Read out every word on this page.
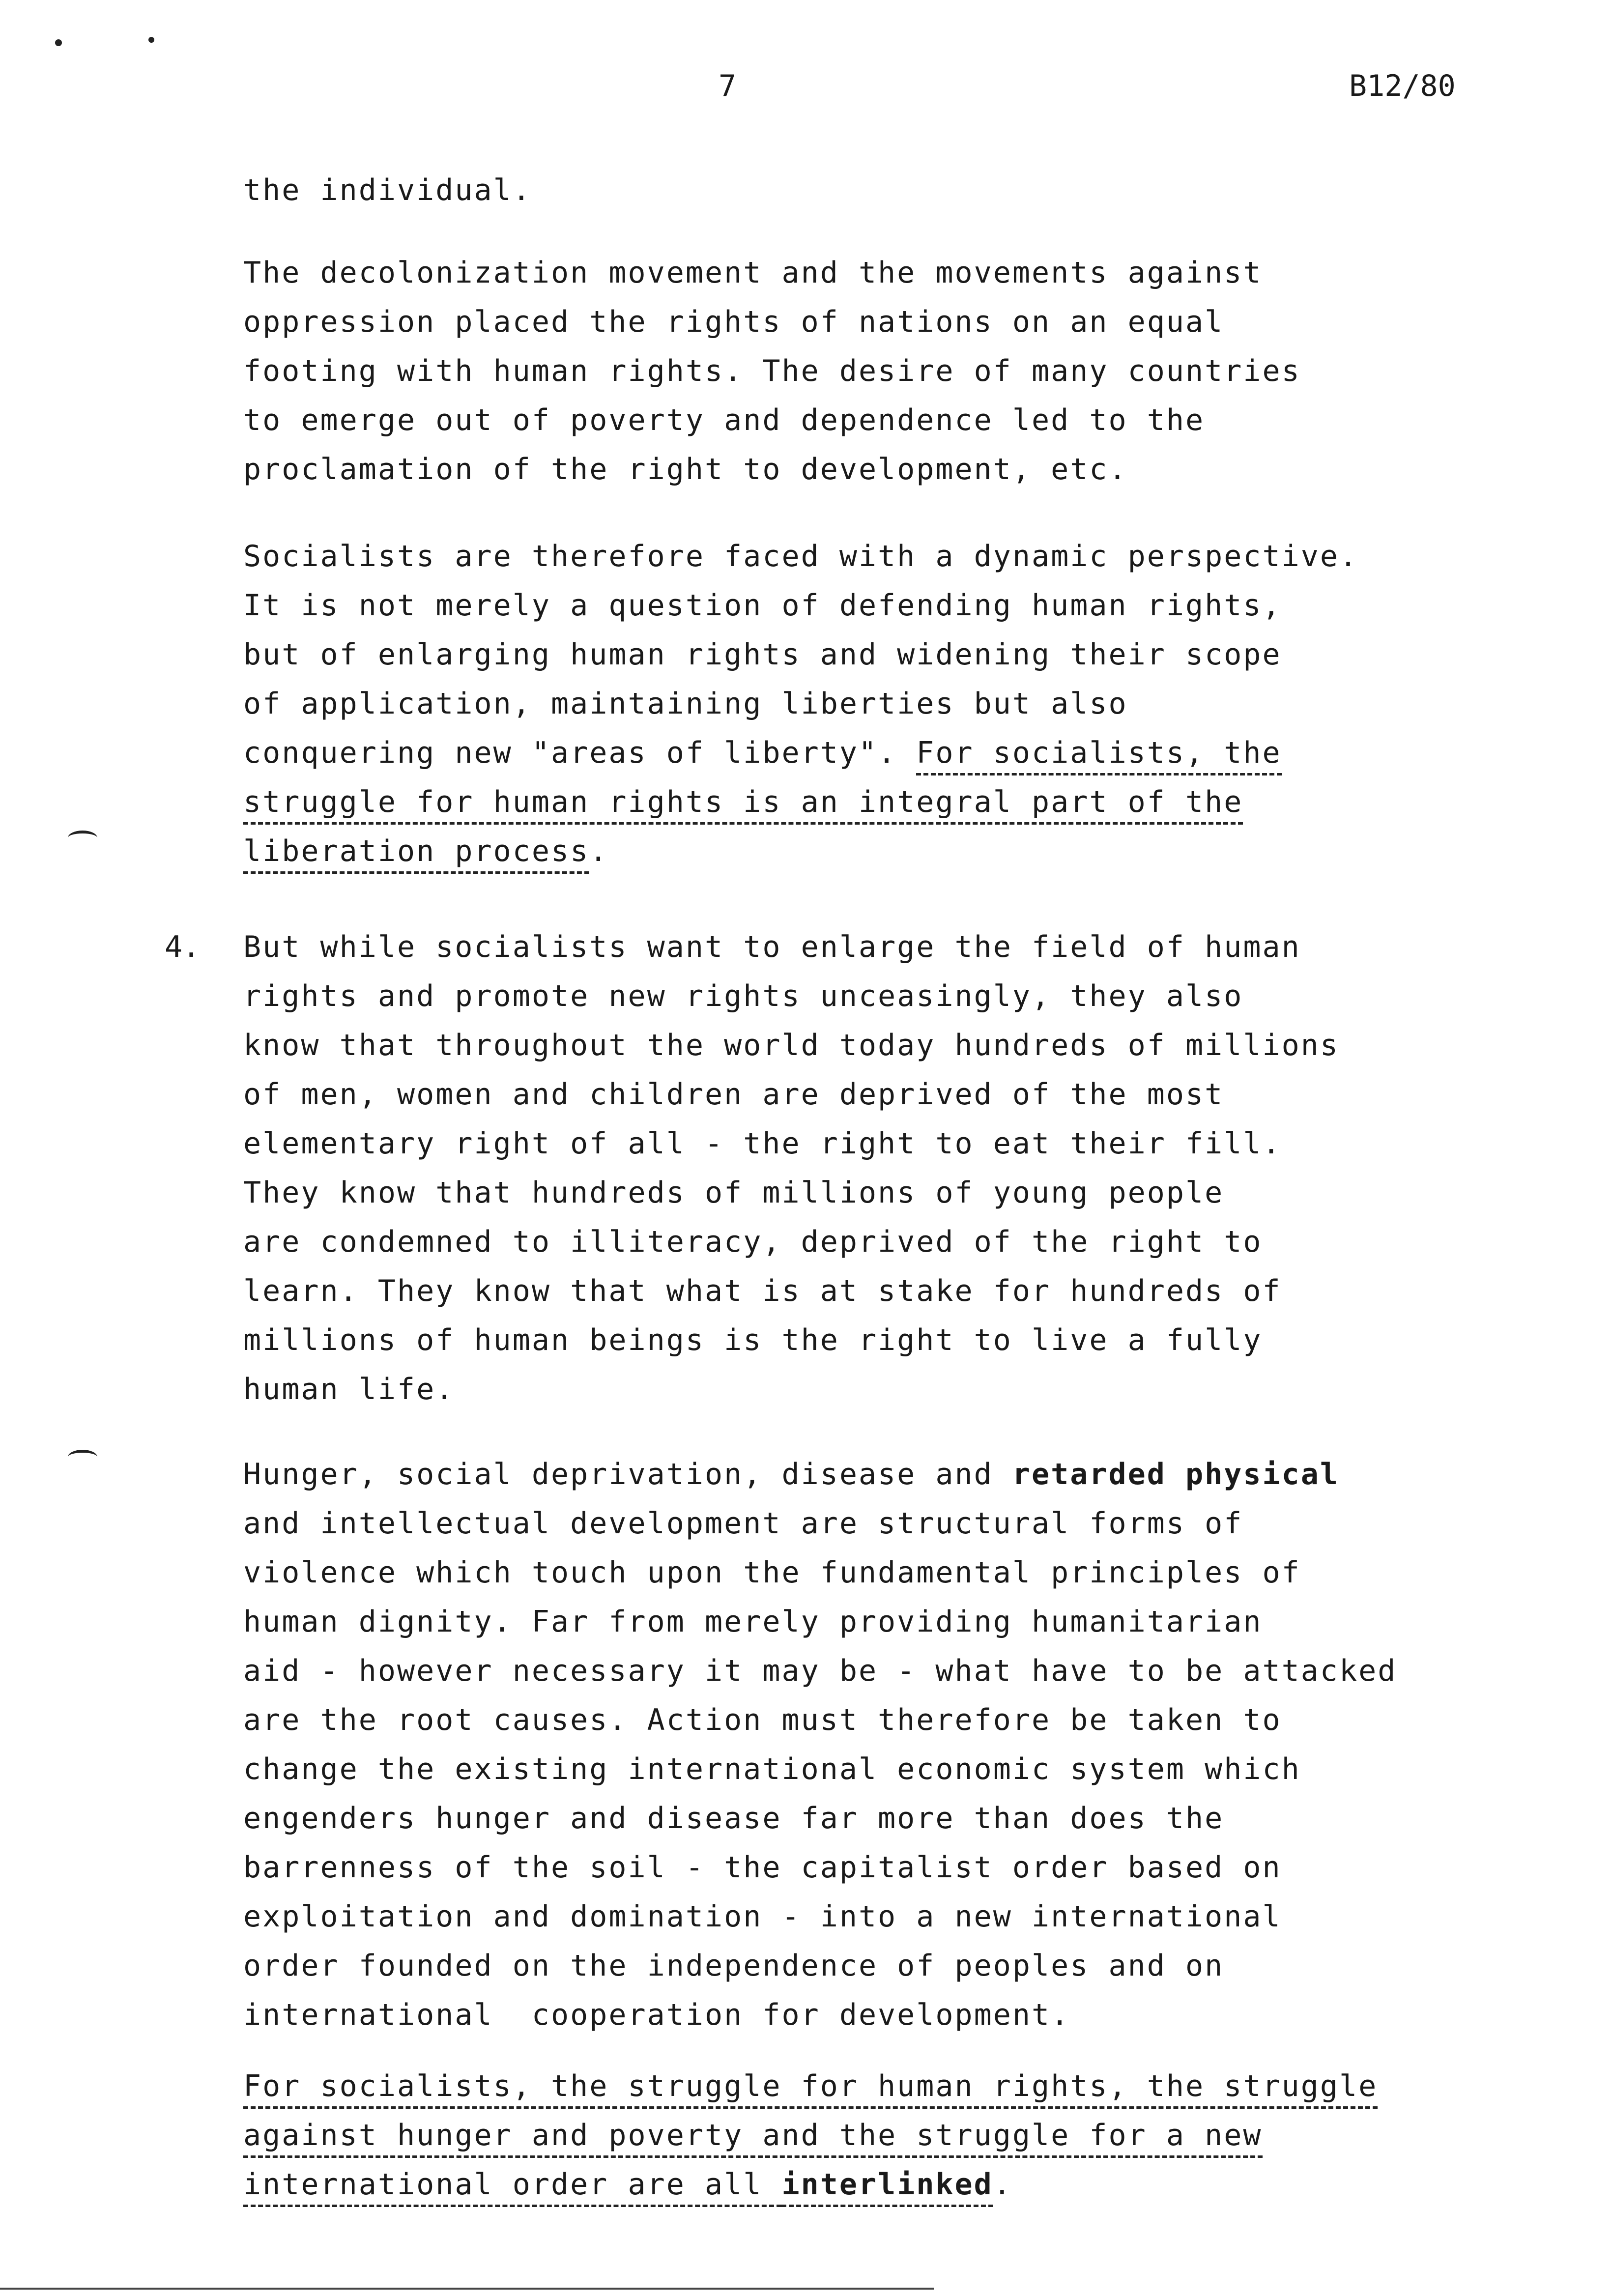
7	B12/80
the individual.
The decolonization movement and the movements against
oppression placed the rights of nations on an equal
footing with human rights. The desire of many countries
to emerge out of poverty and dependence led to the
proclamation of the right to development, etc.
Socialists are therefore faced with a dynamic perspective.
It is not merely a question of defending human rights,
but of enlarging human rights and widening their scope
of application, maintaining liberties but also
conquering new "areas of liberty". For socialists, the
struggle for human rights is an integral part of the
liberation process.
4. But while socialists want to enlarge the field of human
rights and promote new rights unceasingly, they also
know that throughout the world today hundreds of millions
of men, women and children are deprived of the most
elementary right of all - the right to eat their fill.
They know that hundreds of millions of young people
are condemned to illiteracy, deprived of the right to
learn. They know that what is at stake for hundreds of
millions of human beings is the right to live a fully
human life.
Hunger, social deprivation, disease and retarded physical
and intellectual development are structural forms of
violence which touch upon the fundamental principles of
human dignity. Far from merely providing humanitarian
aid - however necessary it may be - what have to be attacked
are the root causes. Action must therefore be taken to
change the existing international economic system which
engenders hunger and disease far more than does the
barrenness of the soil - the capitalist order based on
exploitation and domination - into a new international
order founded on the independence of peoples and on
international  cooperation for development.
For socialists, the struggle for human rights, the struggle
against hunger and poverty and the struggle for a new
international order are all interlinked.
